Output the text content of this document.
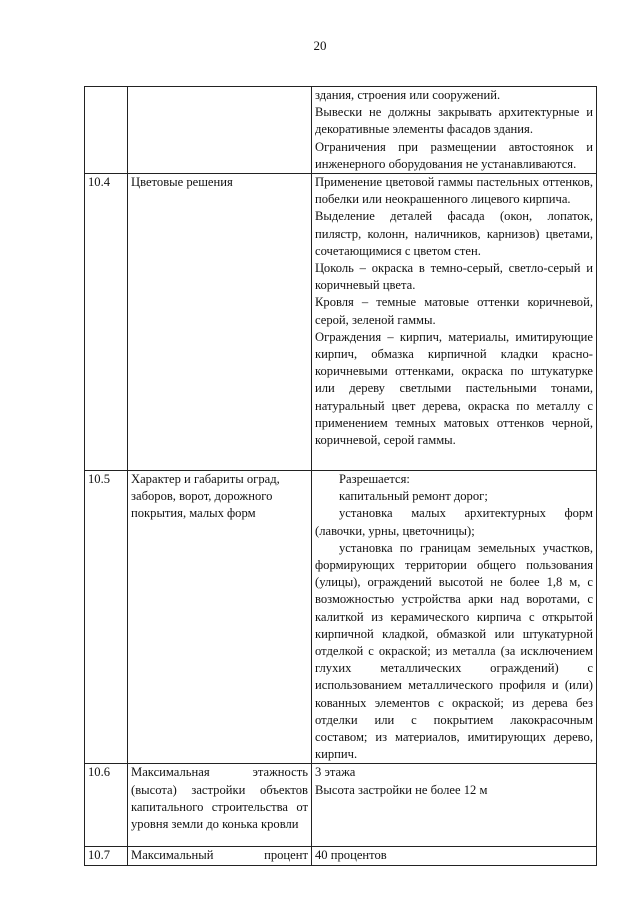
20

		здания, строения или сооружений.

Вывески не должны закрывать архитектурные и декоративные элементы фасадов здания.

Ограничения при размещении автостоянок и инженерного оборудования не устанавливаются.

10.4	Цветовые решения	Применение цветовой гаммы пастельных оттенков, побелки или неокрашенного лицевого кирпича.

Выделение деталей фасада (окон, лопаток, пилястр, колонн, наличников, карнизов) цветами, сочетающимися с цветом стен.

Цоколь – окраска в темно-серый, светло-серый и коричневый цвета.

Кровля – темные матовые оттенки коричневой, серой, зеленой гаммы.

Ограждения – кирпич, материалы, имитирующие кирпич, обмазка кирпичной кладки красно-коричневыми оттенками, окраска по штукатурке или дереву светлыми пастельными тонами, натуральный цвет дерева, окраска по металлу с применением темных матовых оттенков черной, коричневой, серой гаммы.

10.5	Характер и габариты оград, заборов, ворот, дорожного покрытия, малых форм	Разрешается:

капитальный ремонт дорог;

установка малых архитектурных форм (лавочки, урны, цветочницы);

установка по границам земельных участков, формирующих территории общего пользования (улицы), ограждений высотой не более 1,8 м, с возможностью устройства арки над воротами, с калиткой из керамического кирпича с открытой кирпичной кладкой, обмазкой или штукатурной отделкой с окраской; из металла (за исключением глухих металлических ограждений) с использованием металлического профиля и (или) кованных элементов с окраской; из дерева без отделки или с покрытием лакокрасочным составом; из материалов, имитирующих дерево, кирпич.

10.6	Максимальная этажность (высота) застройки объектов капитального строительства от уровня земли до конька кровли	3 этажа

Высота застройки не более 12 м

10.7	Максимальный процент	40 процентов
